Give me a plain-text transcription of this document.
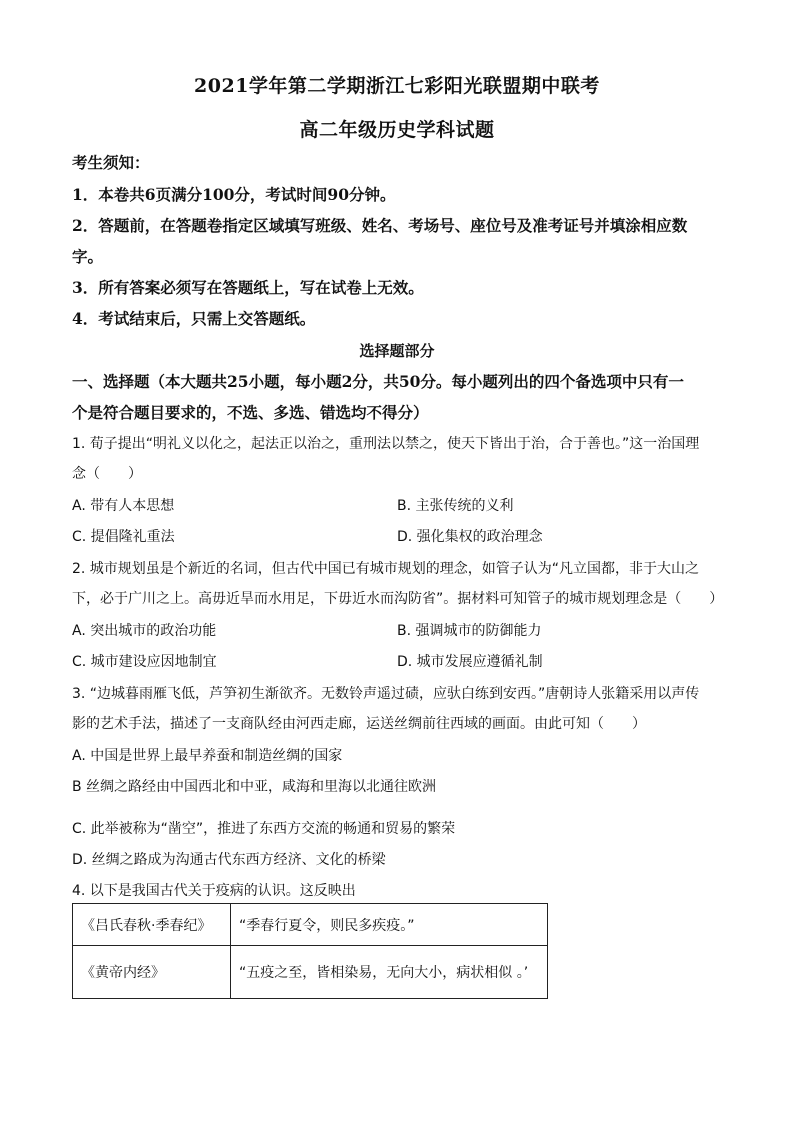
2021学年第二学期浙江七彩阳光联盟期中联考
高二年级历史学科试题
考生须知：
1．本卷共6页满分100分，考试时间90分钟。
2．答题前，在答题卷指定区域填写班级、姓名、考场号、座位号及准考证号并填涂相应数
字。
3．所有答案必须写在答题纸上，写在试卷上无效。
4．考试结束后，只需上交答题纸。
选择题部分
一、选择题（本大题共25小题，每小题2分，共50分。每小题列出的四个备选项中只有一
个是符合题目要求的，不选、多选、错选均不得分）
1. 荀子提出“明礼义以化之，起法正以治之，重刑法以禁之，使天下皆出于治，合于善也。”这一治国理
念（　　）
A. 带有人本思想	B. 主张传统的义利
C. 提倡隆礼重法	D. 强化集权的政治理念
2. 城市规划虽是个新近的名词，但古代中国已有城市规划的理念，如管子认为“凡立国都，非于大山之
下，必于广川之上。高毋近旱而水用足，下毋近水而沟防省”。据材料可知管子的城市规划理念是（　　）
A. 突出城市的政治功能	B. 强调城市的防御能力
C. 城市建设应因地制宜	D. 城市发展应遵循礼制
3. “边城暮雨雁飞低，芦笋初生渐欲齐。无数铃声遥过碛，应驮白练到安西。”唐朝诗人张籍采用以声传
影的艺术手法，描述了一支商队经由河西走廊，运送丝绸前往西域的画面。由此可知（　　）
A. 中国是世界上最早养蚕和制造丝绸的国家
B 丝绸之路经由中国西北和中亚，咸海和里海以北通往欧洲
C. 此举被称为“凿空”，推进了东西方交流的畅通和贸易的繁荣
D. 丝绸之路成为沟通古代东西方经济、文化的桥梁
4. 以下是我国古代关于疫病的认识。这反映出
《吕氏春秋·季春纪》	“季春行夏令，则民多疾疫。”
《黄帝内经》	“五疫之至，皆相染易，无向大小，病状相似 。’
